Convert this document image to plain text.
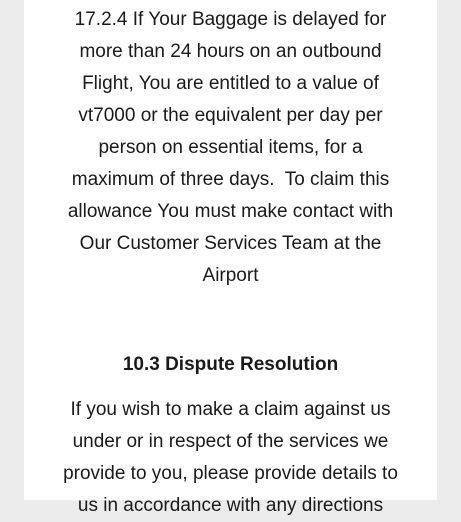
17.2.4 If Your Baggage is delayed for
more than 24 hours on an outbound
Flight, You are entitled to a value of
vt7000 or the equivalent per day per
person on essential items, for a
maximum of three days.  To claim this
allowance You must make contact with
Our Customer Services Team at the
Airport
10.3 Dispute Resolution
If you wish to make a claim against us
under or in respect of the services we
provide to you, please provide details to
us in accordance with any directions
